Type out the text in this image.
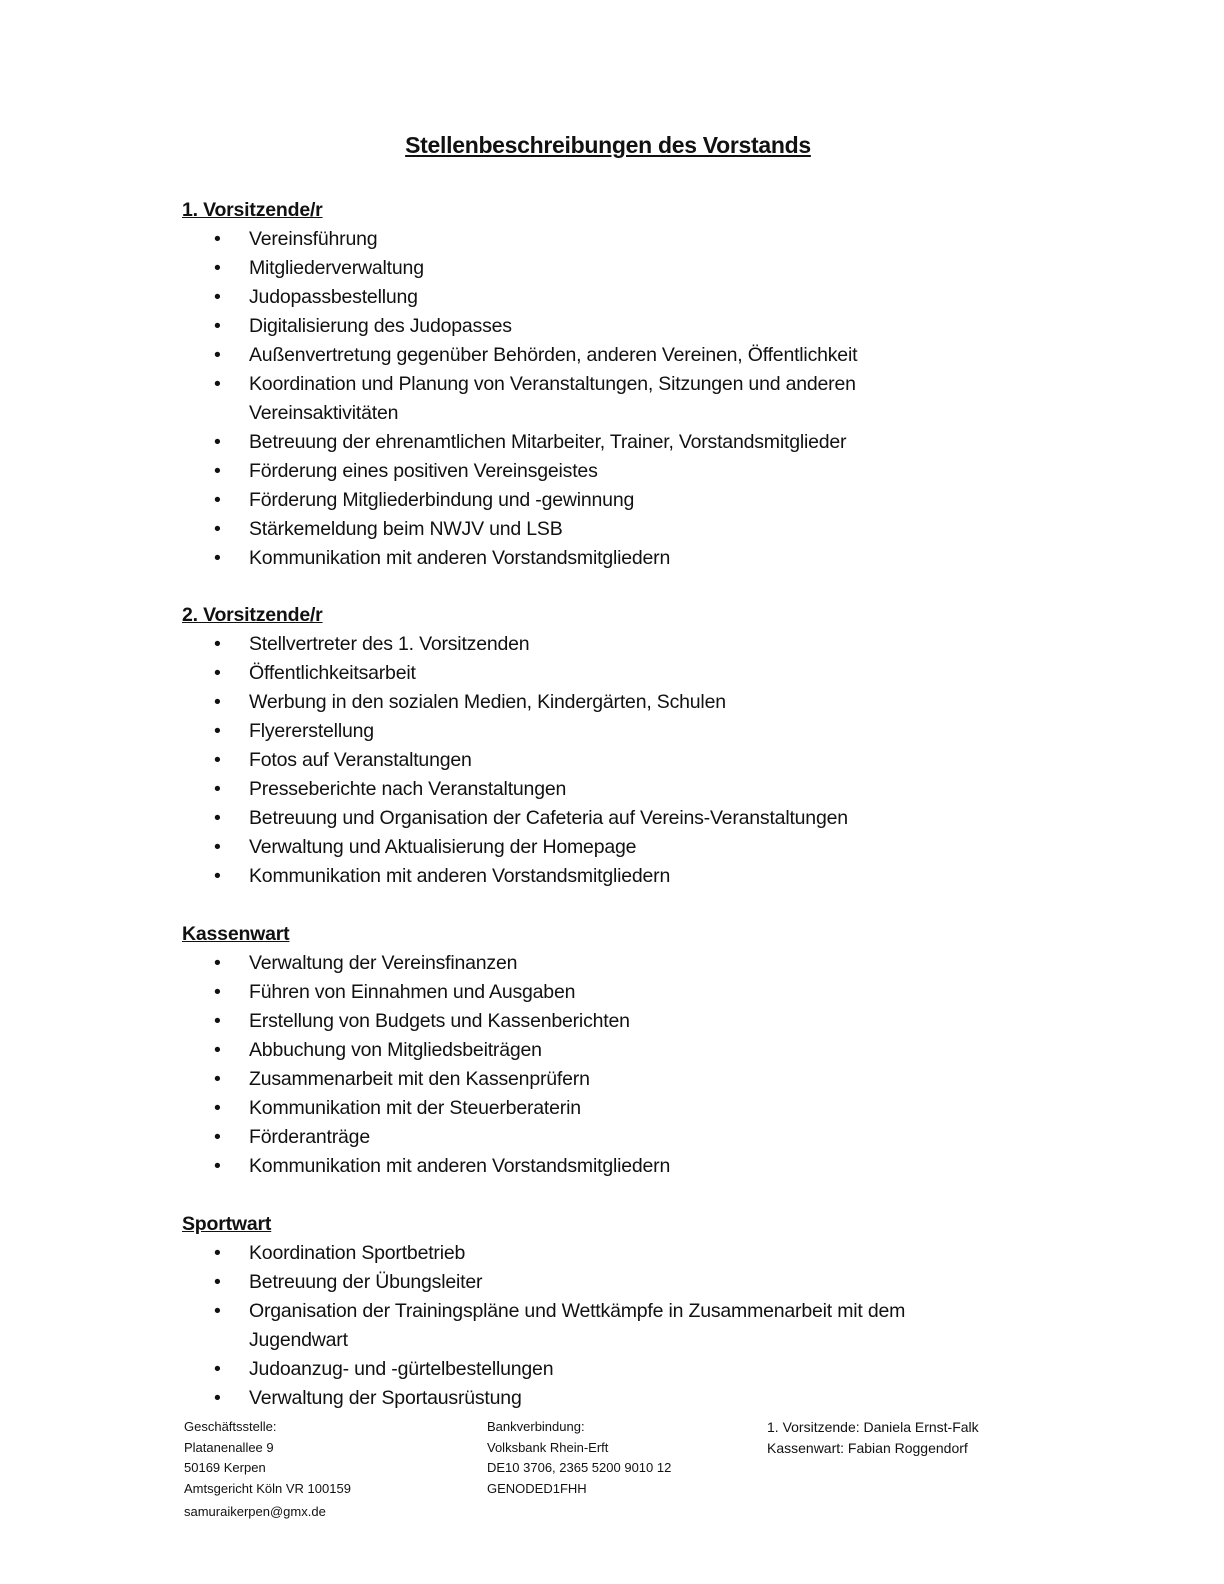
Stellenbeschreibungen des Vorstands
1. Vorsitzende/r
• Vereinsführung
• Mitgliederverwaltung
• Judopassbestellung
• Digitalisierung des Judopasses
• Außenvertretung gegenüber Behörden, anderen Vereinen, Öffentlichkeit
• Koordination und Planung von Veranstaltungen, Sitzungen und anderen Vereinsaktivitäten
• Betreuung der ehrenamtlichen Mitarbeiter, Trainer, Vorstandsmitglieder
• Förderung eines positiven Vereinsgeistes
• Förderung Mitgliederbindung und -gewinnung
• Stärkemeldung beim NWJV und LSB
• Kommunikation mit anderen Vorstandsmitgliedern
2. Vorsitzende/r
• Stellvertreter des 1. Vorsitzenden
• Öffentlichkeitsarbeit
• Werbung in den sozialen Medien, Kindergärten, Schulen
• Flyererstellung
• Fotos auf Veranstaltungen
• Presseberichte nach Veranstaltungen
• Betreuung und Organisation der Cafeteria auf Vereins-Veranstaltungen
• Verwaltung und Aktualisierung der Homepage
• Kommunikation mit anderen Vorstandsmitgliedern
Kassenwart
• Verwaltung der Vereinsfinanzen
• Führen von Einnahmen und Ausgaben
• Erstellung von Budgets und Kassenberichten
• Abbuchung von Mitgliedsbeiträgen
• Zusammenarbeit mit den Kassenprüfern
• Kommunikation mit der Steuerberaterin
• Förderanträge
• Kommunikation mit anderen Vorstandsmitgliedern
Sportwart
• Koordination Sportbetrieb
• Betreuung der Übungsleiter
• Organisation der Trainingspläne und Wettkämpfe in Zusammenarbeit mit dem Jugendwart
• Judoanzug- und -gürtelbestellungen
• Verwaltung der Sportausrüstung
Geschäftsstelle:
Platanenallee 9
50169 Kerpen
Amtsgericht Köln VR 100159
samuraikerpen@gmx.de
Bankverbindung:
Volksbank Rhein-Erft
DE10 3706, 2365 5200 9010 12
GENODED1FHH
1. Vorsitzende: Daniela Ernst-Falk
Kassenwart: Fabian Roggendorf
